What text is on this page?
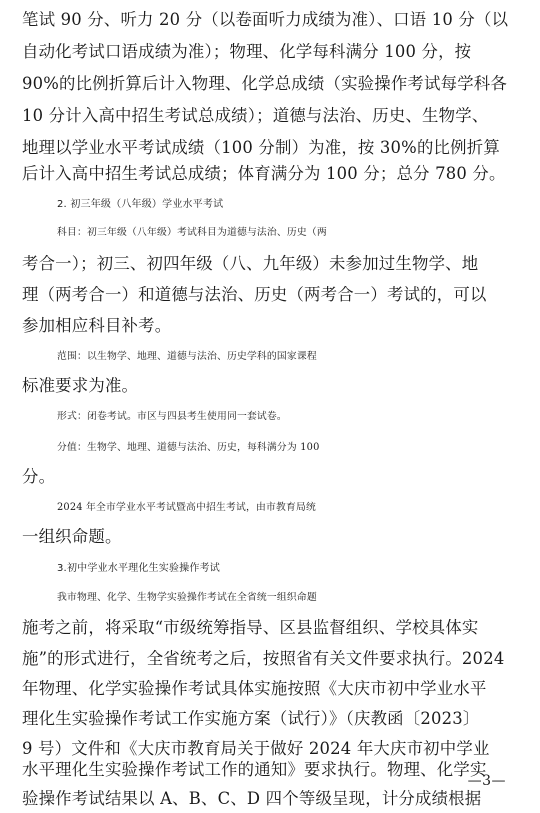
笔试 90 分、听力 20 分（以卷面听力成绩为准）、口语 10 分（以
自动化考试口语成绩为准）；物理、化学每科满分 100 分，按
90%的比例折算后计入物理、化学总成绩（实验操作考试每学科各
10 分计入高中招生考试总成绩）；道德与法治、历史、生物学、
地理以学业水平考试成绩（100 分制）为准，按 30%的比例折算
后计入高中招生考试总成绩；体育满分为 100 分；总分 780 分。
2. 初三年级（八年级）学业水平考试
科目：初三年级（八年级）考试科目为道德与法治、历史（两
考合一）；初三、初四年级（八、九年级）未参加过生物学、地
理（两考合一）和道德与法治、历史（两考合一）考试的，可以
参加相应科目补考。
范围：以生物学、地理、道德与法治、历史学科的国家课程
标准要求为准。
形式：闭卷考试。市区与四县考生使用同一套试卷。
分值：生物学、地理、道德与法治、历史，每科满分为 100
分。
2024 年全市学业水平考试暨高中招生考试，由市教育局统
一组织命题。
3.初中学业水平理化生实验操作考试
我市物理、化学、生物学实验操作考试在全省统一组织命题
施考之前，将采取“市级统筹指导、区县监督组织、学校具体实
施”的形式进行，全省统考之后，按照省有关文件要求执行。2024
年物理、化学实验操作考试具体实施按照《大庆市初中学业水平
理化生实验操作考试工作实施方案（试行）》（庆教函〔2023〕
9 号）文件和《大庆市教育局关于做好 2024 年大庆市初中学业
水平理化生实验操作考试工作的通知》要求执行。物理、化学实
验操作考试结果以 A、B、C、D 四个等级呈现，计分成绩根据
—3—
